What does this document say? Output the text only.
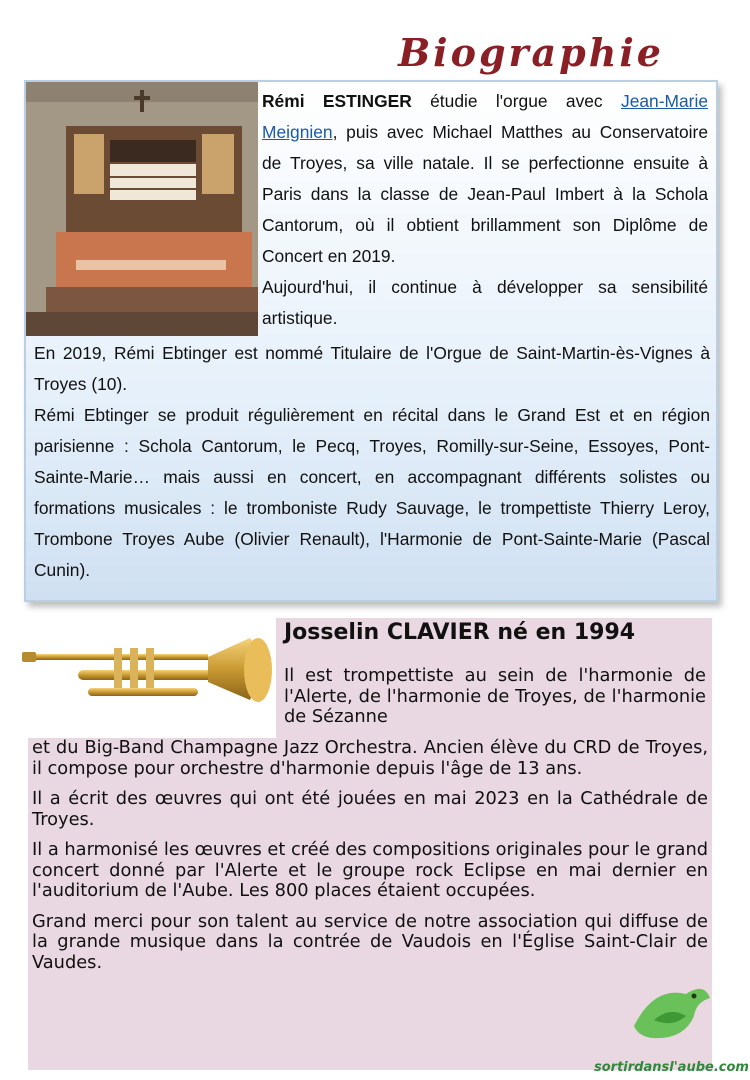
Biographie

Rémi ESTINGER étudie l'orgue avec Jean-Marie Meignien, puis avec Michael Matthes au Conservatoire de Troyes, sa ville natale. Il se perfectionne ensuite à Paris dans la classe de Jean-Paul Imbert à la Schola Cantorum, où il obtient brillamment son Diplôme de Concert en 2019.

Aujourd'hui, il continue à développer sa sensibilité artistique.

En 2019, Rémi Ebtinger est nommé Titulaire de l'Orgue de Saint-Martin-ès-Vignes à Troyes (10).

Rémi Ebtinger se produit régulièrement en récital dans le Grand Est et en région parisienne : Schola Cantorum, le Pecq, Troyes, Romilly-sur-Seine, Essoyes, Pont-Sainte-Marie… mais aussi en concert, en accompagnant différents solistes ou formations musicales : le tromboniste Rudy Sauvage, le trompettiste Thierry Leroy, Trombone Troyes Aube (Olivier Renault), l'Harmonie de Pont-Sainte-Marie (Pascal Cunin).

Josselin CLAVIER né en 1994

Il est trompettiste au sein de l'harmonie de l'Alerte, de l'harmonie de Troyes, de l'harmonie de Sézanne

et du Big-Band Champagne Jazz Orchestra. Ancien élève du CRD de Troyes, il compose pour orchestre d'harmonie depuis l'âge de 13 ans.

Il a écrit des œuvres qui ont été jouées en mai 2023 en la Cathédrale de Troyes.

Il a harmonisé les œuvres et créé des compositions originales pour le grand concert donné par l'Alerte et le groupe rock Eclipse en mai dernier en l'auditorium de l'Aube. Les 800 places étaient occupées.

Grand merci pour son talent au service de notre association qui diffuse de la grande musique dans la contrée de Vaudois en l'Église Saint-Clair de Vaudes.

sortirdansl'aube.com
